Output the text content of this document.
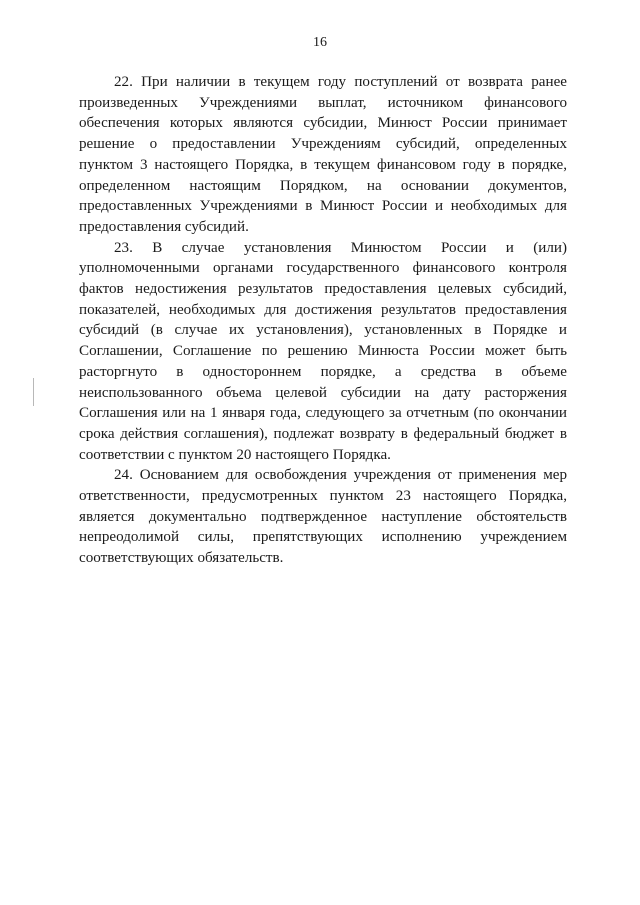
16

22. При наличии в текущем году поступлений от возврата ранее произведенных Учреждениями выплат, источником финансового обеспечения которых являются субсидии, Минюст России принимает решение о предоставлении Учреждениям субсидий, определенных пунктом 3 настоящего Порядка, в текущем финансовом году в порядке, определенном настоящим Порядком, на основании документов, предоставленных Учреждениями в Минюст России и необходимых для предоставления субсидий.

23. В случае установления Минюстом России и (или) уполномоченными органами государственного финансового контроля фактов недостижения результатов предоставления целевых субсидий, показателей, необходимых для достижения результатов предоставления субсидий (в случае их установления), установленных в Порядке и Соглашении, Соглашение по решению Минюста России может быть расторгнуто в одностороннем порядке, а средства в объеме неиспользованного объема целевой субсидии на дату расторжения Соглашения или на 1 января года, следующего за отчетным (по окончании срока действия соглашения), подлежат возврату в федеральный бюджет в соответствии с пунктом 20 настоящего Порядка.

24. Основанием для освобождения учреждения от применения мер ответственности, предусмотренных пунктом 23 настоящего Порядка, является документально подтвержденное наступление обстоятельств непреодолимой силы, препятствующих исполнению учреждением соответствующих обязательств.
